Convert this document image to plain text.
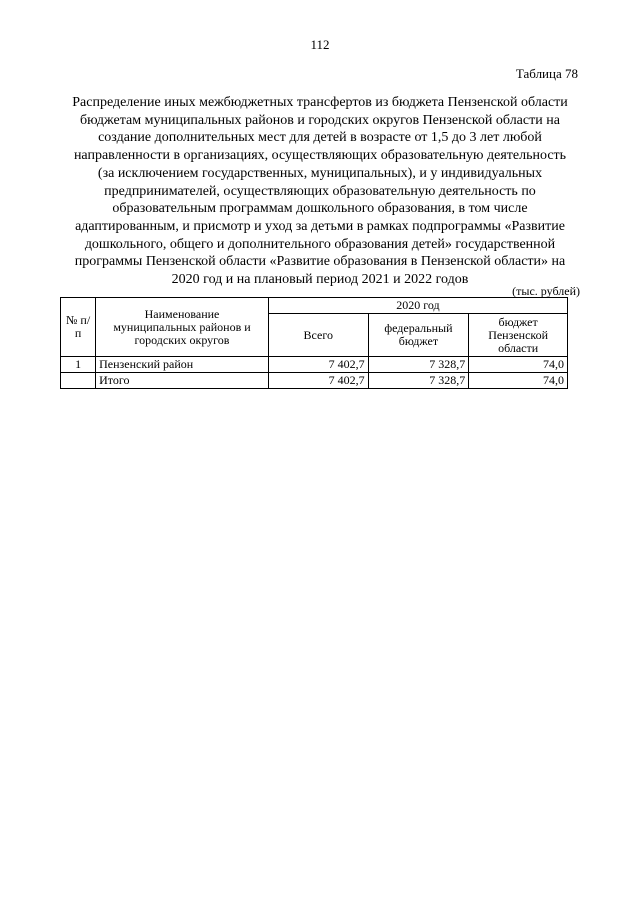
112
Таблица 78
Распределение иных межбюджетных трансфертов из бюджета Пензенской области бюджетам муниципальных районов и городских округов Пензенской области на создание дополнительных мест для детей в возрасте от 1,5 до 3 лет любой направленности в организациях, осуществляющих образовательную деятельность (за исключением государственных, муниципальных), и у индивидуальных предпринимателей, осуществляющих образовательную деятельность по образовательным программам дошкольного образования, в том числе адаптированным, и присмотр и уход за детьми в рамках подпрограммы «Развитие дошкольного, общего и дополнительного образования детей» государственной программы Пензенской области «Развитие образования в Пензенской области» на 2020 год и на плановый период 2021 и 2022 годов
(тыс. рублей)
№ п/п	Наименование муниципальных районов и городских округов	2020 год		
		Всего	федеральный бюджет	бюджет Пензенской области
1	Пензенский район	7 402,7	7 328,7	74,0
	Итого	7 402,7	7 328,7	74,0
